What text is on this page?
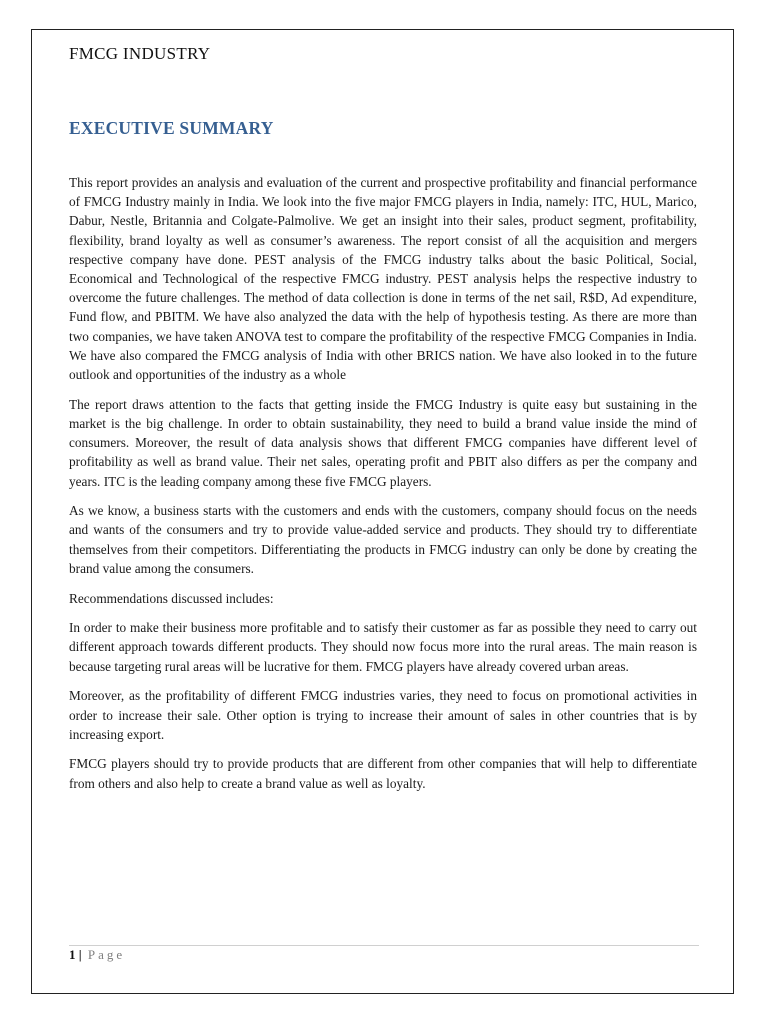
FMCG INDUSTRY
EXECUTIVE SUMMARY

This report provides an analysis and evaluation of the current and prospective profitability and financial performance of FMCG Industry mainly in India. We look into the five major FMCG players in India, namely: ITC, HUL, Marico, Dabur, Nestle, Britannia and Colgate-Palmolive. We get an insight into their sales, product segment, profitability, flexibility, brand loyalty as well as consumer’s awareness. The report consist of all the acquisition and mergers respective company have done. PEST analysis of the FMCG industry talks about the basic Political, Social, Economical and Technological of the respective FMCG industry. PEST analysis helps the respective industry to overcome the future challenges. The method of data collection is done in terms of the net sail, R$D, Ad expenditure, Fund flow, and PBITM. We have also analyzed the data with the help of hypothesis testing. As there are more than two companies, we have taken ANOVA test to compare the profitability of the respective FMCG Companies in India. We have also compared the FMCG analysis of India with other BRICS nation. We have also looked in to the future outlook and opportunities of the industry as a whole

The report draws attention to the facts that getting inside the FMCG Industry is quite easy but sustaining in the market is the big challenge. In order to obtain sustainability, they need to build a brand value inside the mind of consumers. Moreover, the result of data analysis shows that different FMCG companies have different level of profitability as well as brand value. Their net sales, operating profit and PBIT also differs as per the company and years. ITC is the leading company among these five FMCG players.

As we know, a business starts with the customers and ends with the customers, company should focus on the needs and wants of the consumers and try to provide value-added service and products. They should try to differentiate themselves from their competitors. Differentiating the products in FMCG industry can only be done by creating the brand value among the consumers.

Recommendations discussed includes:

In order to make their business more profitable and to satisfy their customer as far as possible they need to carry out different approach towards different products. They should now focus more into the rural areas. The main reason is because targeting rural areas will be lucrative for them. FMCG players have already covered urban areas.

Moreover, as the profitability of different FMCG industries varies, they need to focus on promotional activities in order to increase their sale. Other option is trying to increase their amount of sales in other countries that is by increasing export.

FMCG players should try to provide products that are different from other companies that will help to differentiate from others and also help to create a brand value as well as loyalty.

1 | Page
